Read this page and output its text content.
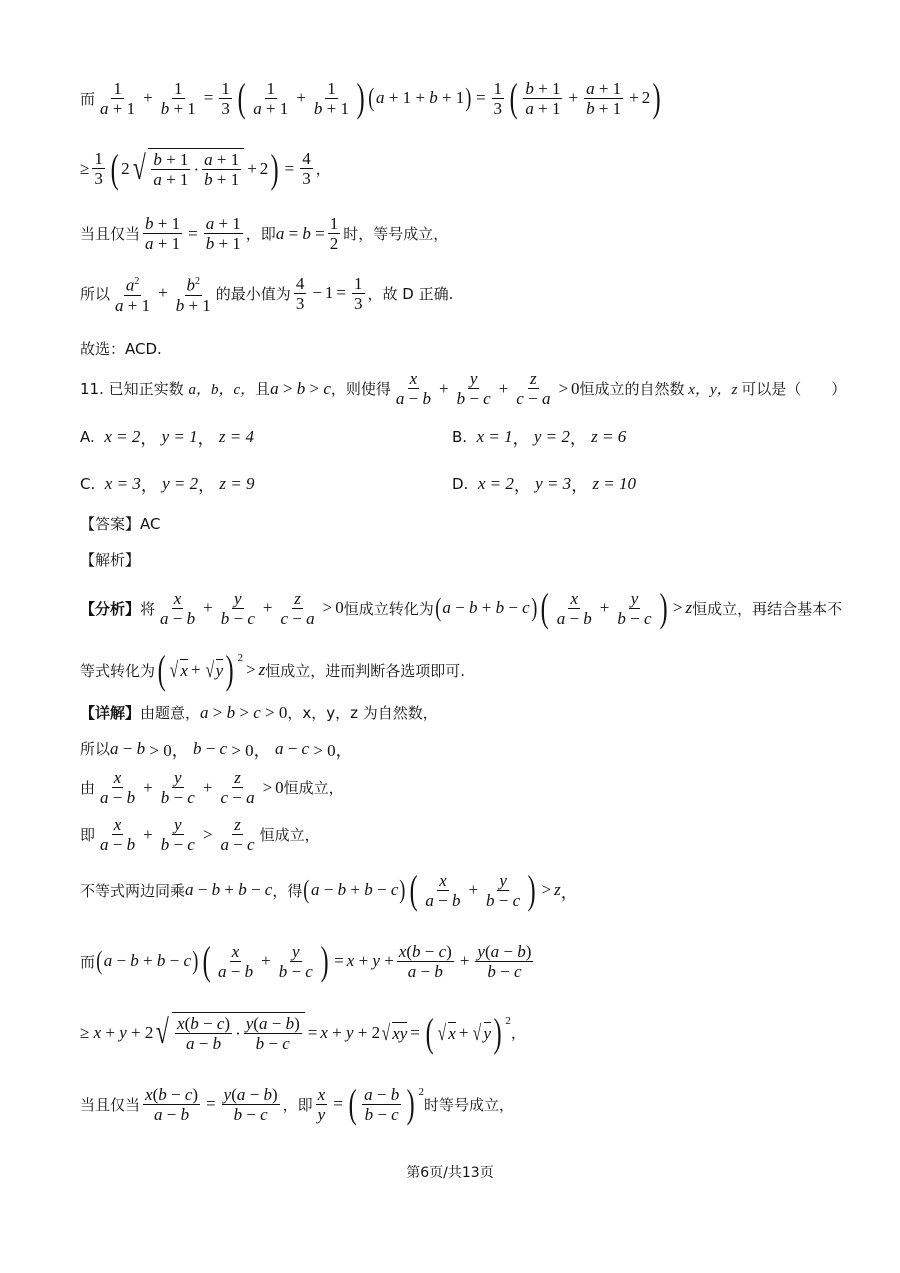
而 $\frac{1}{a + 1} + \frac{1}{b + 1} = \frac{1}{3}$ ( $\frac{1}{a + 1} + \frac{1}{b + 1}$ ) ( a + 1 + b + 1 ) = $\frac{1}{3}$ ( $\frac{b + 1}{a + 1} + \frac{a + 1}{b + 1} + 2$ )
≥ $\frac{1}{3}$ ( 2 √ $\frac{b + 1}{a + 1} \cdot \frac{a + 1}{b + 1} + 2$ ) = $\frac{4}{3}$ ，
当且仅当 $\frac{b + 1}{a + 1} = \frac{a + 1}{b + 1}$ ，即 $a = b = \frac{1}{2}$ 时，等号成立，
所以 $\frac{a^2}{a + 1} + \frac{b^2}{b + 1}$ 的最小值为 $\frac{4}{3} - 1 = \frac{1}{3}$ ，故 D 正确.
故选：ACD.
11.
已知正实数
a，b，c， 且 a > b > c ，则使得 $\frac{x}{a - b} + \frac{y}{b - c} + \frac{z}{c - a} > 0$ 恒成立的自然数
x，y，z
可以是（　　）
A.
x = 2 ， y = 1 ， z = 4	B.
x = 1 ， y = 2 ， z = 6
C.
x = 3 ， y = 2 ， z = 9	D.
x = 2 ， y = 3 ， z = 10
【答案】AC
【解析】
【分析】 将 $\frac{x}{a - b} + \frac{y}{b - c} + \frac{z}{c - a} > 0$ 恒成立转化为 ( a − b + b − c ) ( $\frac{x}{a - b} + \frac{y}{b - c}$ ) > z 恒成立，再结合基本不
等式转化为 ( √ x + √ y ) 2
> z 恒成立，进而判断各选项即可.
【详解】 由题意， a > b > c > 0 ，x，y，z 为自然数，
所以 a − b > 0， b − c > 0， a − c > 0，
由 $\frac{x}{a - b} + \frac{y}{b - c} + \frac{z}{c - a} > 0$ 恒成立，
即 $\frac{x}{a - b} + \frac{y}{b - c} > \frac{z}{a - c}$ 恒成立，
不等式两边同乘 a − b + b − c ，得 ( a − b + b − c ) ( $\frac{x}{a - b} + \frac{y}{b - c}$ ) > z ，
而 ( a − b + b − c ) ( $\frac{x}{a - b} + \frac{y}{b - c}$ ) = $x + y + \frac{x(b - c)}{a - b} + \frac{y(a - b)}{b - c}$
≥ x + y + 2 √ $\frac{x(b - c)}{a - b} \cdot \frac{y(a - b)}{b - c} = x + y + 2$ √ xy = ( √ x + √ y ) 2
，
当且仅当 $\frac{x(b - c)}{a - b} = \frac{y(a - b)}{b - c}$ ，即 $\frac{x}{y}$ = ( $\frac{a - b}{b - c}$ ) 2
时等号成立，
第6页/共13页
